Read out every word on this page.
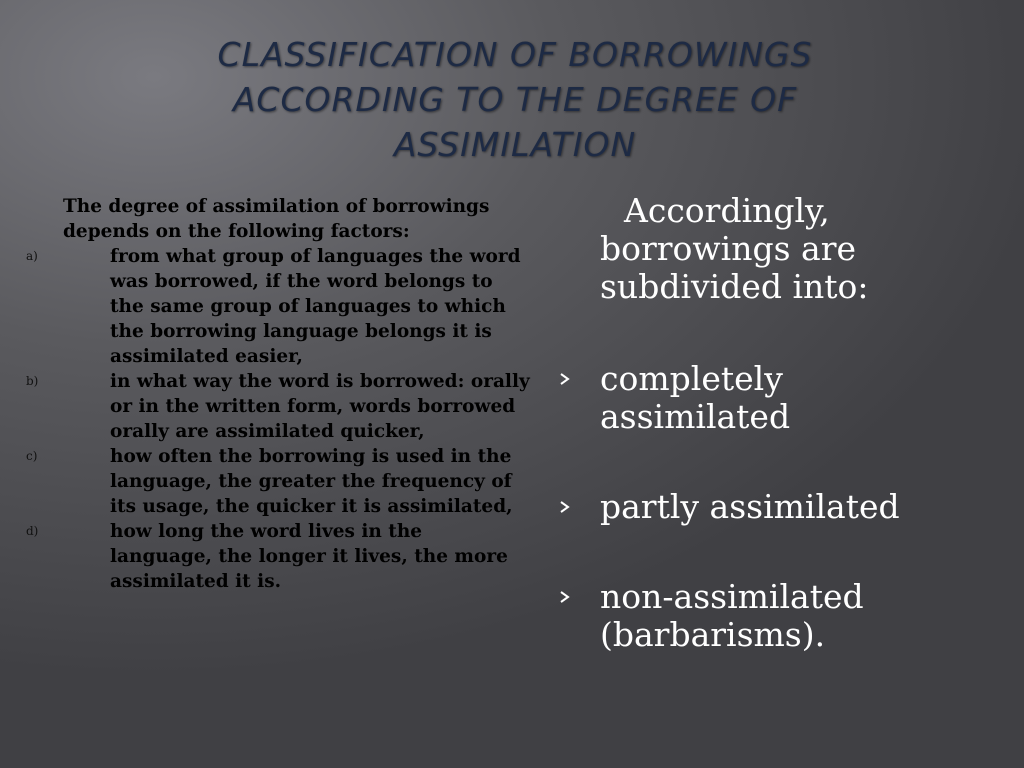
CLASSIFICATION OF BORROWINGS
ACCORDING TO THE DEGREE OF
ASSIMILATION

The degree of assimilation of borrowings depends on the following factors:

a)	from what group of languages the word was borrowed, if the word belongs to the same group of languages to which the borrowing language belongs it is assimilated easier,
b)	in what way the word is borrowed: orally or in the written form, words borrowed orally are assimilated quicker,
c)	how often the borrowing is used in the language, the greater the frequency of its usage, the quicker it is assimilated,
d)	how long the word lives in the language, the longer it lives, the more assimilated it is.

Accordingly, borrowings are subdivided into:

completely assimilated
partly assimilated
non-assimilated (barbarisms).
